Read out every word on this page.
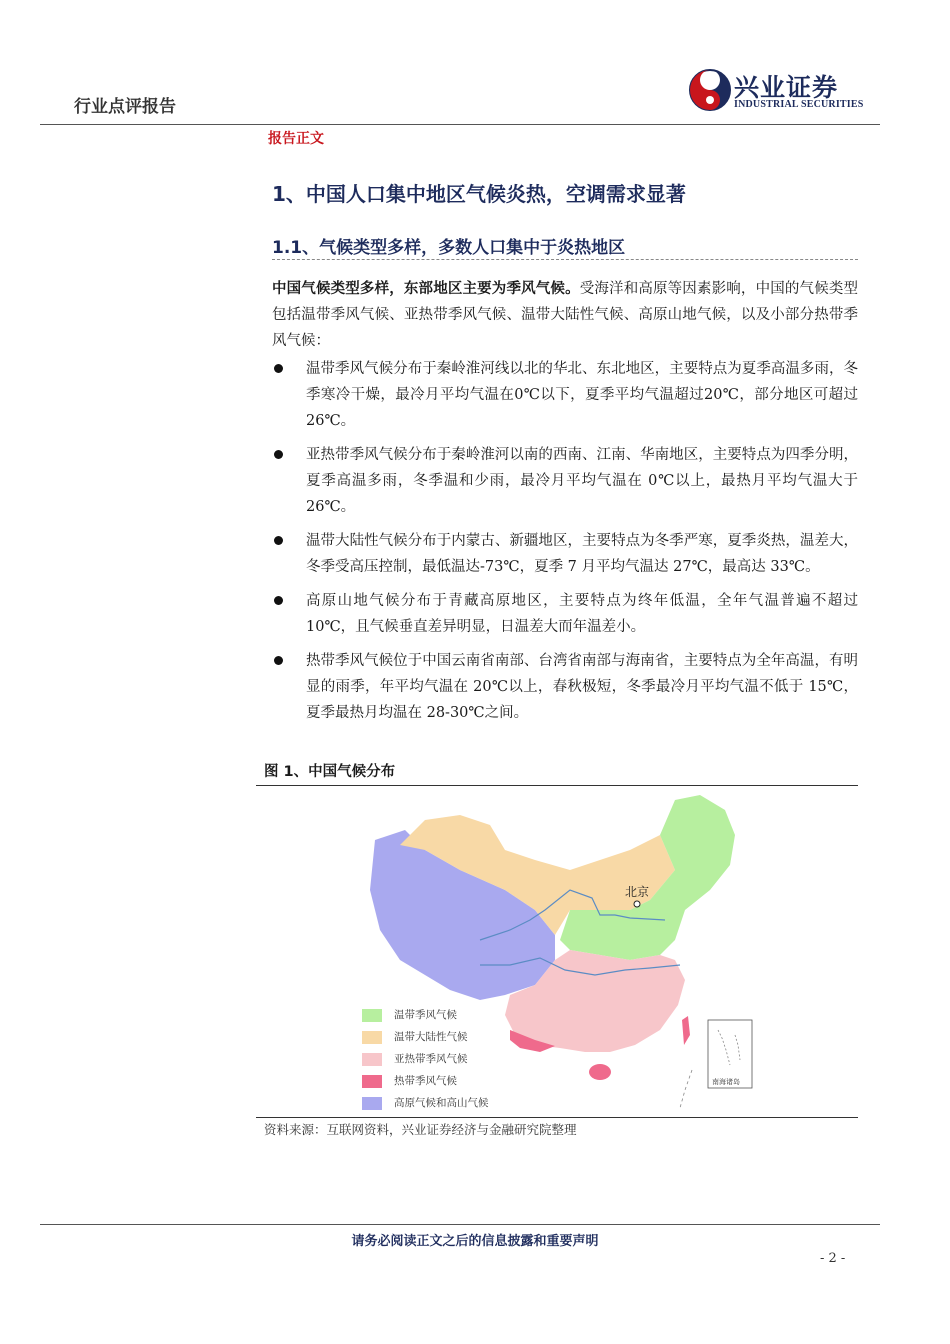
行业点评报告
兴业证券
INDUSTRIAL SECURITIES
报告正文
1、中国人口集中地区气候炎热，空调需求显著
1.1、气候类型多样，多数人口集中于炎热地区
中国气候类型多样，东部地区主要为季风气候。受海洋和高原等因素影响，中国的气候类型包括温带季风气候、亚热带季风气候、温带大陆性气候、高原山地气候，以及小部分热带季风气候：
温带季风气候分布于秦岭淮河线以北的华北、东北地区，主要特点为夏季高温多雨，冬季寒冷干燥，最冷月平均气温在0℃以下，夏季平均气温超过20℃，部分地区可超过26℃。
亚热带季风气候分布于秦岭淮河以南的西南、江南、华南地区，主要特点为四季分明，夏季高温多雨，冬季温和少雨，最冷月平均气温在 0℃以上，最热月平均气温大于26℃。
温带大陆性气候分布于内蒙古、新疆地区，主要特点为冬季严寒，夏季炎热，温差大，冬季受高压控制，最低温达-73℃，夏季 7 月平均气温达 27℃，最高达 33℃。
高原山地气候分布于青藏高原地区，主要特点为终年低温，全年气温普遍不超过 10℃，且气候垂直差异明显，日温差大而年温差小。
热带季风气候位于中国云南省南部、台湾省南部与海南省，主要特点为全年高温，有明显的雨季，年平均气温在 20℃以上，春秋极短，冬季最冷月平均气温不低于 15℃，夏季最热月均温在 28-30℃之间。
图 1、中国气候分布
北京
南海诸岛
温带季风气候
温带大陆性气候
亚热带季风气候
热带季风气候
高原气候和高山气候
资料来源：互联网资料，兴业证券经济与金融研究院整理
请务必阅读正文之后的信息披露和重要声明
- 2 -
